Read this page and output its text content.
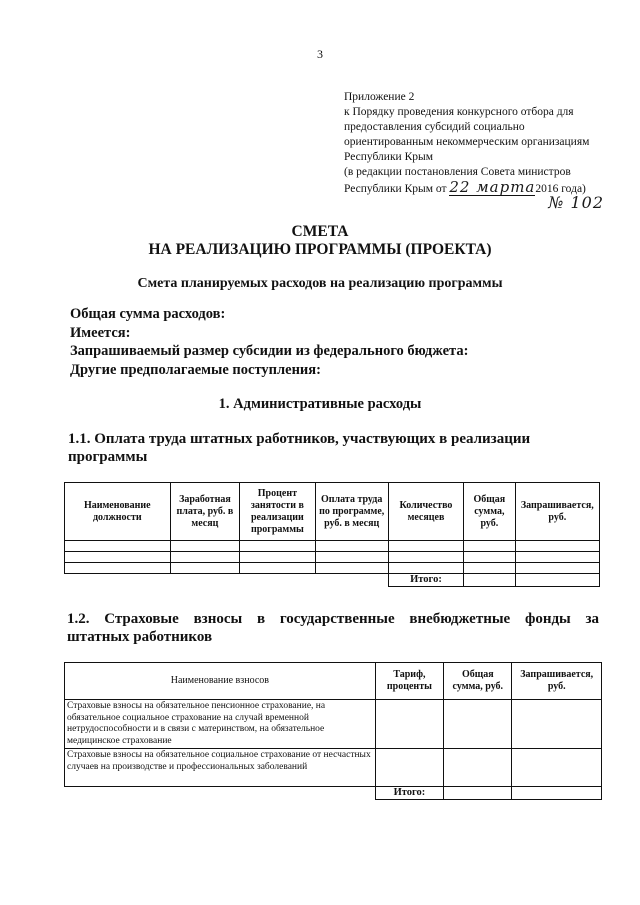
3
Приложение 2
к Порядку проведения конкурсного отбора для
предоставления субсидий социально
ориентированным некоммерческим организациям
Республики Крым
(в редакции постановления Совета министров
Республики Крым от 22 марта2016 года)
№ 102
СМЕТА
НА РЕАЛИЗАЦИЮ ПРОГРАММЫ (ПРОЕКТА)
Смета планируемых расходов на реализацию программы
Общая сумма расходов:
Имеется:
Запрашиваемый размер субсидии из федерального бюджета:
Другие предполагаемые поступления:
1. Административные расходы
1.1. Оплата труда штатных работников, участвующих в реализации
программы
Наименование должности	Заработная плата, руб. в месяц	Процент занятости в реализации программы	Оплата труда по программе, руб. в месяц	Количество месяцев	Общая сумма, руб.	Запрашивается, руб.

				Итого:		
1.2. Страховые взносы в государственные внебюджетные фонды за
штатных работников
Наименование взносов	Тариф, проценты	Общая сумма, руб.	Запрашивается, руб.
Страховые взносы на обязательное пенсионное страхование, на обязательное социальное страхование на случай временной нетрудоспособности и в связи с материнством, на обязательное медицинское страхование			
Страховые взносы на обязательное социальное страхование от несчастных случаев на производстве и профессиональных заболеваний			
	Итого:		
